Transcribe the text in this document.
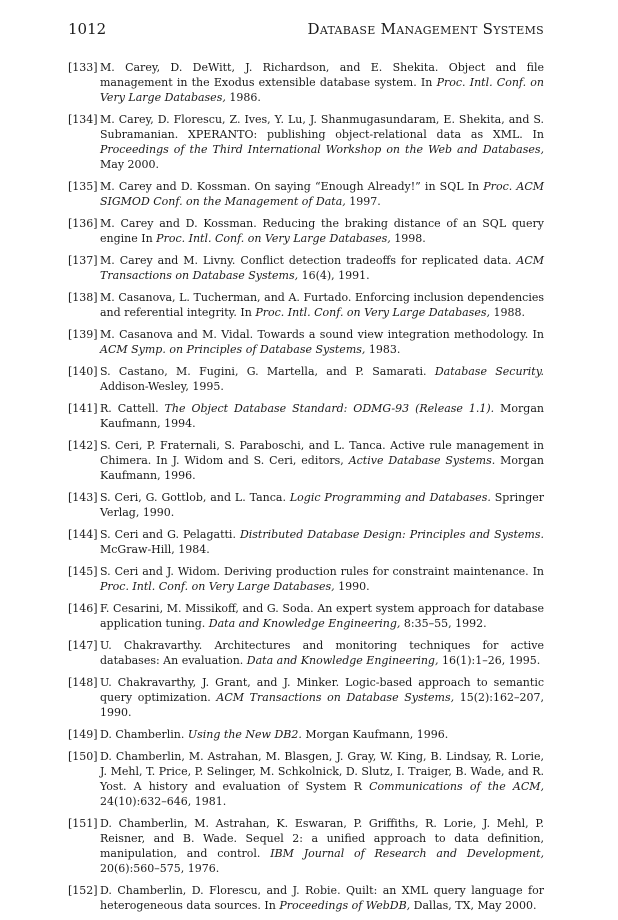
1012	Database Management Systems
[133] M. Carey, D. DeWitt, J. Richardson, and E. Shekita. Object and file management in the Exodus extensible database system. In Proc. Intl. Conf. on Very Large Databases, 1986.
[134] M. Carey, D. Florescu, Z. Ives, Y. Lu, J. Shanmugasundaram, E. Shekita, and S. Subramanian. XPERANTO: publishing object-relational data as XML. In Proceedings of the Third International Workshop on the Web and Databases, May 2000.
[135] M. Carey and D. Kossman. On saying “Enough Already!” in SQL In Proc. ACM SIGMOD Conf. on the Management of Data, 1997.
[136] M. Carey and D. Kossman. Reducing the braking distance of an SQL query engine In Proc. Intl. Conf. on Very Large Databases, 1998.
[137] M. Carey and M. Livny. Conflict detection tradeoffs for replicated data. ACM Transactions on Database Systems, 16(4), 1991.
[138] M. Casanova, L. Tucherman, and A. Furtado. Enforcing inclusion dependencies and referential integrity. In Proc. Intl. Conf. on Very Large Databases, 1988.
[139] M. Casanova and M. Vidal. Towards a sound view integration methodology. In ACM Symp. on Principles of Database Systems, 1983.
[140] S. Castano, M. Fugini, G. Martella, and P. Samarati. Database Security. Addison-Wesley, 1995.
[141] R. Cattell. The Object Database Standard: ODMG-93 (Release 1.1). Morgan Kaufmann, 1994.
[142] S. Ceri, P. Fraternali, S. Paraboschi, and L. Tanca. Active rule management in Chimera. In J. Widom and S. Ceri, editors, Active Database Systems. Morgan Kaufmann, 1996.
[143] S. Ceri, G. Gottlob, and L. Tanca. Logic Programming and Databases. Springer Verlag, 1990.
[144] S. Ceri and G. Pelagatti. Distributed Database Design: Principles and Systems. McGraw-Hill, 1984.
[145] S. Ceri and J. Widom. Deriving production rules for constraint maintenance. In Proc. Intl. Conf. on Very Large Databases, 1990.
[146] F. Cesarini, M. Missikoff, and G. Soda. An expert system approach for database application tuning. Data and Knowledge Engineering, 8:35–55, 1992.
[147] U. Chakravarthy. Architectures and monitoring techniques for active databases: An evaluation. Data and Knowledge Engineering, 16(1):1–26, 1995.
[148] U. Chakravarthy, J. Grant, and J. Minker. Logic-based approach to semantic query optimization. ACM Transactions on Database Systems, 15(2):162–207, 1990.
[149] D. Chamberlin. Using the New DB2. Morgan Kaufmann, 1996.
[150] D. Chamberlin, M. Astrahan, M. Blasgen, J. Gray, W. King, B. Lindsay, R. Lorie, J. Mehl, T. Price, P. Selinger, M. Schkolnick, D. Slutz, I. Traiger, B. Wade, and R. Yost. A history and evaluation of System R Communications of the ACM, 24(10):632–646, 1981.
[151] D. Chamberlin, M. Astrahan, K. Eswaran, P. Griffiths, R. Lorie, J. Mehl, P. Reisner, and B. Wade. Sequel 2: a unified approach to data definition, manipulation, and control. IBM Journal of Research and Development, 20(6):560–575, 1976.
[152] D. Chamberlin, D. Florescu, and J. Robie. Quilt: an XML query language for heterogeneous data sources. In Proceedings of WebDB, Dallas, TX, May 2000.
